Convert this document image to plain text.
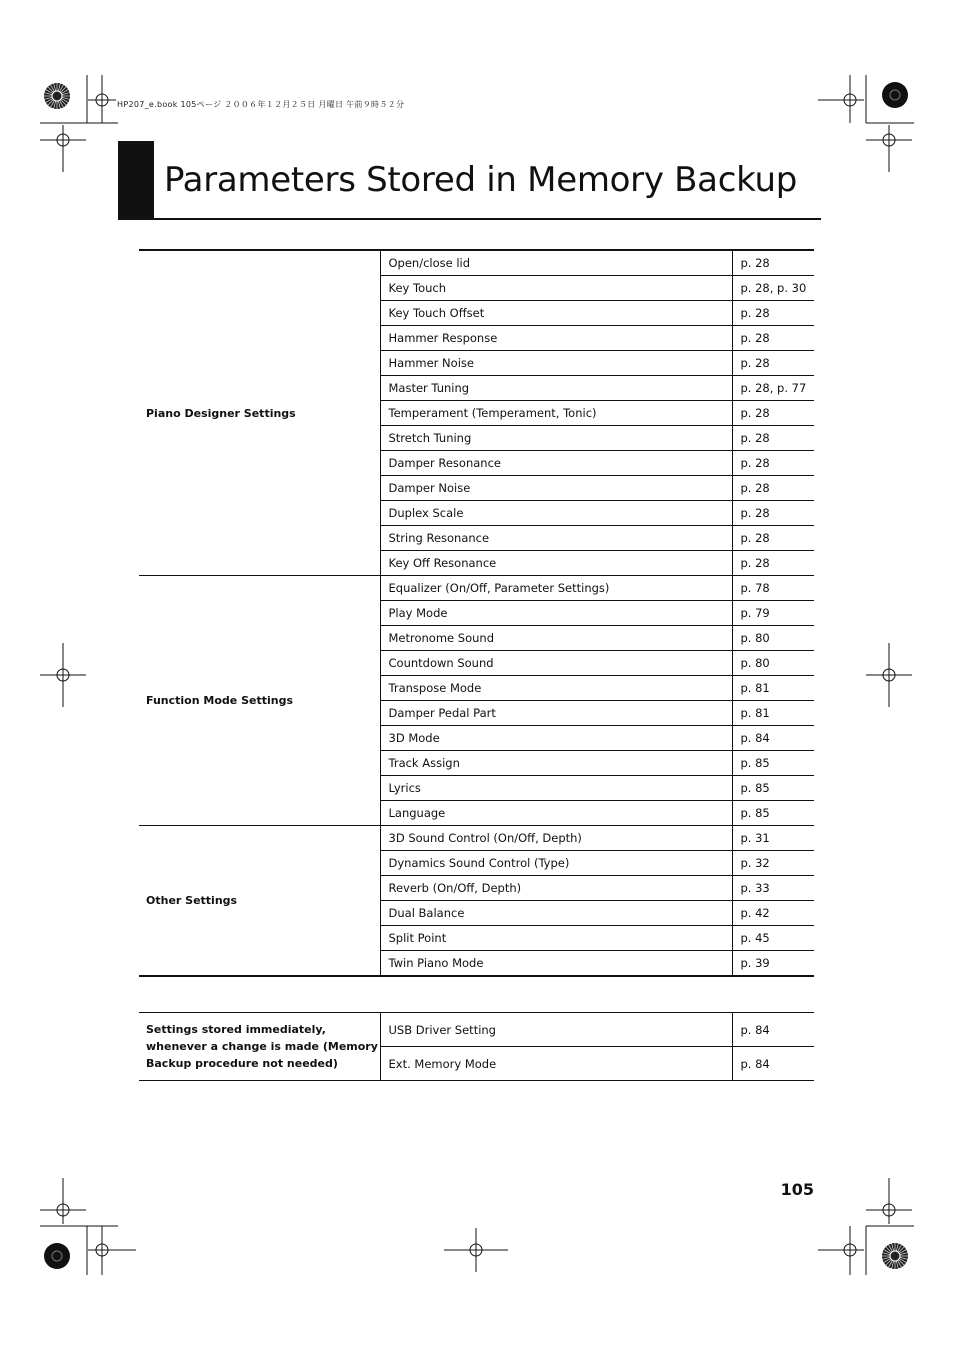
HP207_e.book 105ページ ２００６年１２月２５日 月曜日 午前９時５２分
Parameters Stored in Memory Backup
Piano Designer Settings	Open/close lid	p. 28
	Key Touch	p. 28, p. 30
	Key Touch Offset	p. 28
	Hammer Response	p. 28
	Hammer Noise	p. 28
	Master Tuning	p. 28, p. 77
	Temperament (Temperament, Tonic)	p. 28
	Stretch Tuning	p. 28
	Damper Resonance	p. 28
	Damper Noise	p. 28
	Duplex Scale	p. 28
	String Resonance	p. 28
	Key Off Resonance	p. 28
Function Mode Settings	Equalizer (On/Off, Parameter Settings)	p. 78
	Play Mode	p. 79
	Metronome Sound	p. 80
	Countdown Sound	p. 80
	Transpose Mode	p. 81
	Damper Pedal Part	p. 81
	3D Mode	p. 84
	Track Assign	p. 85
	Lyrics	p. 85
	Language	p. 85
Other Settings	3D Sound Control (On/Off, Depth)	p. 31
	Dynamics Sound Control (Type)	p. 32
	Reverb (On/Off, Depth)	p. 33
	Dual Balance	p. 42
	Split Point	p. 45
	Twin Piano Mode	p. 39
Settings stored immediately, whenever a change is made (Memory Backup procedure not needed)	USB Driver Setting	p. 84
	Ext. Memory Mode	p. 84
105
